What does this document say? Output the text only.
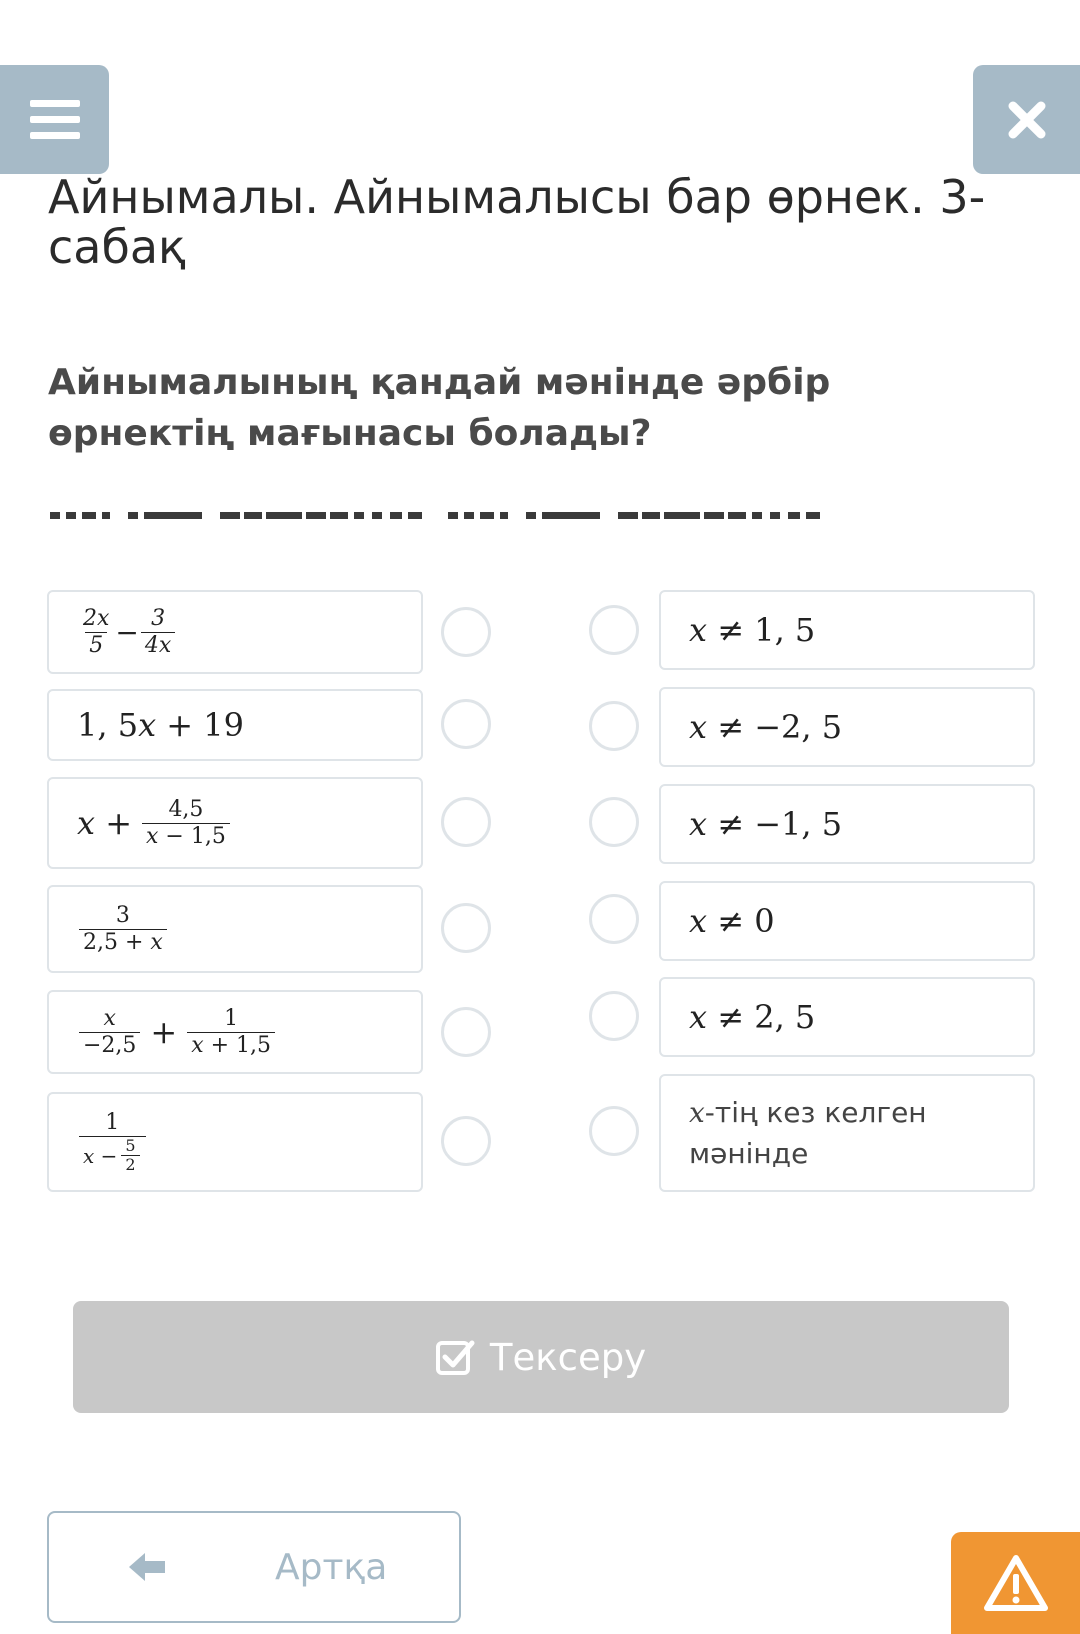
Айнымалы. Айнымалысы бар өрнек. 3-сабақ
Айнымалының қандай мәнінде әрбір өрнектің мағынасы болады?
$\frac{\text{2𝑥}}{5} - \frac{3}{\text{4𝑥}}$
1, 5𝑥 + 19
𝑥 + $\frac{4,5}{\text{𝑥 − 1,5}}$
$\frac{3}{\text{2,5 + 𝑥}}$
$\frac{\text{𝑥}}{-2,5} + \frac{1}{\text{𝑥 + 1,5}}$
$\frac{1}{𝑥 - \frac{5}{2}}$
𝑥 ≠ 1, 5
𝑥 ≠ −2, 5
𝑥 ≠ −1, 5
𝑥 ≠ 0
𝑥 ≠ 2, 5
𝑥-тің кез келген мәнінде
Тексеру
Артқа
